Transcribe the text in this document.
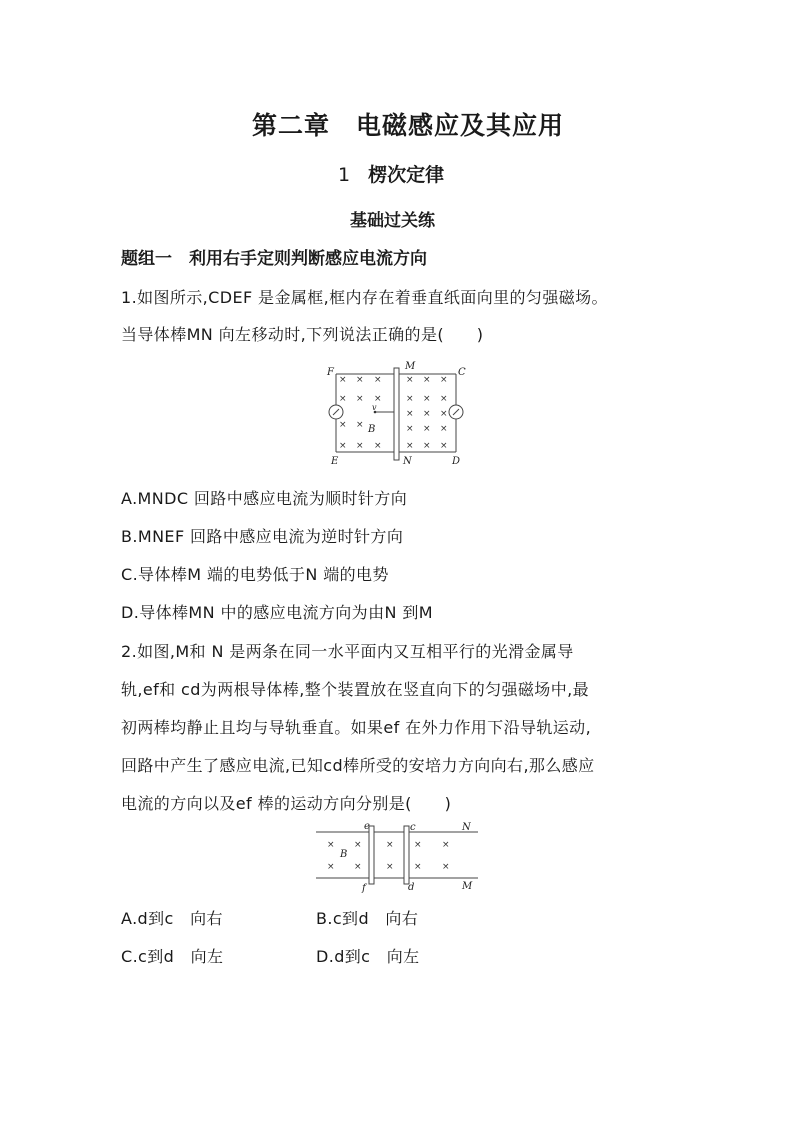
第二章　电磁感应及其应用
1 楞次定律
基础过关练
题组一　利用右手定则判断感应电流方向
1.如图所示,CDEF 是金属框,框内存在着垂直纸面向里的匀强磁场。
当导体棒MN 向左移动时,下列说法正确的是(　　)
× × ×	× × ×
× × ×	× × ×
× × ×
× ×	× × ×
× × ×	× × ×
F
M
C
E	N	D
v
B
A.MNDC 回路中感应电流为顺时针方向
B.MNEF 回路中感应电流为逆时针方向
C.导体棒M 端的电势低于N 端的电势
D.导体棒MN 中的感应电流方向为由N 到M
2.如图,M和 N 是两条在同一水平面内又互相平行的光滑金属导
轨,ef和 cd为两根导体棒,整个装置放在竖直向下的匀强磁场中,最
初两棒均静止且均与导轨垂直。如果ef 在外力作用下沿导轨运动,
回路中产生了感应电流,已知cd棒所受的安培力方向向右,那么感应
电流的方向以及ef 棒的运动方向分别是(　　)
× ×	× × ×
× ×	× × ×
e	c	N
B
f	d	M
A.d到c　向右	B.c到d　向右
C.c到d　向左	D.d到c　向左
